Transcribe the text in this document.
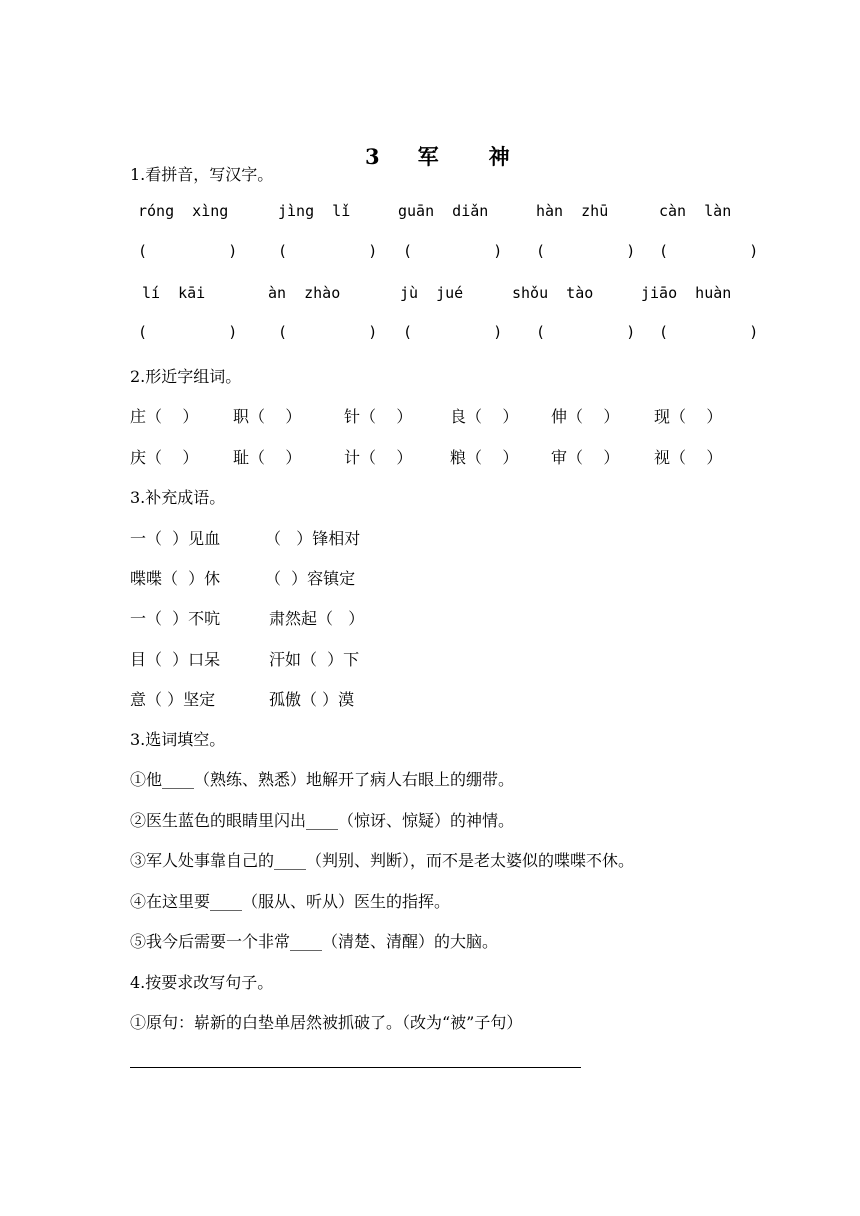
3 军 神

1.看拼音，写汉字。
róng  xìng	jìng  lǐ	guān  diǎn	hàn  zhū	càn  làn
(         )	(         ) (         ) (         ) (         )
lí  kāi	àn  zhào	jù  jué	shǒu  tào	jiāo  huàn
(         )	(         ) (         ) (         ) (         )
2.形近字组词。
庄（    ） 职（    ）	针（    ） 良（    ） 伸（    ） 现（    ）
庆（    ） 耻（    ）	计（    ） 粮（    ） 审（    ） 视（    ）
3.补充成语。
一（  ）见血	（   ）锋相对
喋喋（  ）休	（  ）容镇定
一（  ）不吭	肃然起（   ）
目（  ）口呆	汗如（  ）下
意（ ）坚定	孤傲（ ）漠
3.选词填空。
①他____（熟练、熟悉）地解开了病人右眼上的绷带。
②医生蓝色的眼睛里闪出____（惊讶、惊疑）的神情。
③军人处事靠自己的____（判别、判断），而不是老太婆似的喋喋不休。
④在这里要____（服从、听从）医生的指挥。
⑤我今后需要一个非常____（清楚、清醒）的大脑。
4.按要求改写句子。
①原句：崭新的白垫单居然被抓破了。（改为“被”子句）
